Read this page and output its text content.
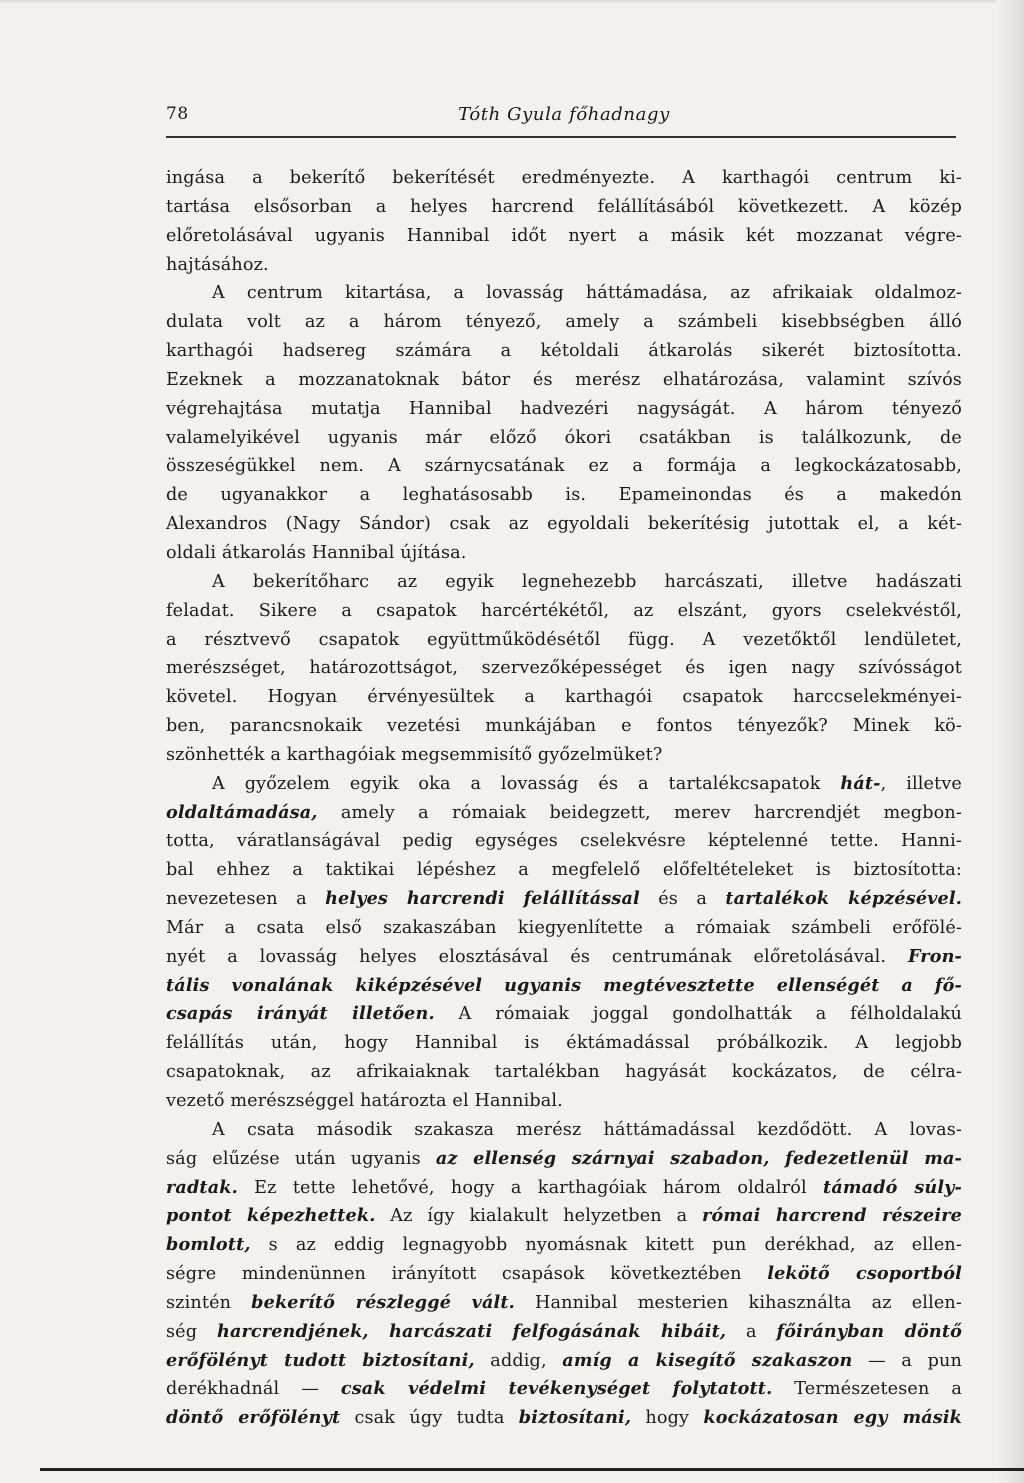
78	Tóth Gyula főhadnagy
ingása a bekerítő bekerítését eredményezte. A karthagói centrum ki-
tartása elsősorban a helyes harcrend felállításából következett. A közép
előretolásával ugyanis Hannibal időt nyert a másik két mozzanat végre-
hajtásához.
A centrum kitartása, a lovasság háttámadása, az afrikaiak oldalmoz-
dulata volt az a három tényező, amely a számbeli kisebbségben álló
karthagói hadsereg számára a kétoldali átkarolás sikerét biztosította.
Ezeknek a mozzanatoknak bátor és merész elhatározása, valamint szívós
végrehajtása mutatja Hannibal hadvezéri nagyságát. A három tényező
valamelyikével ugyanis már előző ókori csatákban is találkozunk, de
összeségükkel nem. A szárnycsatának ez a formája a legkockázatosabb,
de ugyanakkor a leghatásosabb is. Epameinondas és a makedón
Alexandros (Nagy Sándor) csak az egyoldali bekerítésig jutottak el, a két-
oldali átkarolás Hannibal újítása.
A bekerítőharc az egyik legnehezebb harcászati, illetve hadászati
feladat. Sikere a csapatok harcértékétől, az elszánt, gyors cselekvéstől,
a résztvevő csapatok együttműködésétől függ. A vezetőktől lendületet,
merészséget, határozottságot, szervezőképességet és igen nagy szívósságot
követel. Hogyan érvényesültek a karthagói csapatok harccselekményei-
ben, parancsnokaik vezetési munkájában e fontos tényezők? Minek kö-
szönhették a karthagóiak megsemmisítő győzelmüket?
A győzelem egyik oka a lovasság és a tartalékcsapatok hát-, illetve
oldaltámadása, amely a rómaiak beidegzett, merev harcrendjét megbon-
totta, váratlanságával pedig egységes cselekvésre képtelenné tette. Hanni-
bal ehhez a taktikai lépéshez a megfelelő előfeltételeket is biztosította:
nevezetesen a helyes harcrendi felállítással és a tartalékok képzésével.
Már a csata első szakaszában kiegyenlítette a rómaiak számbeli erőfölé-
nyét a lovasság helyes elosztásával és centrumának előretolásával. Fron-
tális vonalának kiképzésével ugyanis megtévesztette ellenségét a fő-
csapás irányát illetően. A rómaiak joggal gondolhatták a félholdalakú
felállítás után, hogy Hannibal is éktámadással próbálkozik. A legjobb
csapatoknak, az afrikaiaknak tartalékban hagyását kockázatos, de célra-
vezető merészséggel határozta el Hannibal.
A csata második szakasza merész háttámadással kezdődött. A lovas-
ság elűzése után ugyanis az ellenség szárnyai szabadon, fedezetlenül ma-
radtak. Ez tette lehetővé, hogy a karthagóiak három oldalról támadó súly-
pontot képezhettek. Az így kialakult helyzetben a római harcrend részeire
bomlott, s az eddig legnagyobb nyomásnak kitett pun derékhad, az ellen-
ségre mindenünnen irányított csapások következtében lekötő csoportból
szintén bekerítő részleggé vált. Hannibal mesterien kihasználta az ellen-
ség harcrendjének, harcászati felfogásának hibáit, a főirányban döntő
erőfölényt tudott biztosítani, addig, amíg a kisegítő szakaszon — a pun
derékhadnál — csak védelmi tevékenységet folytatott. Természetesen a
döntő erőfölényt csak úgy tudta biztosítani, hogy kockázatosan egy másik
